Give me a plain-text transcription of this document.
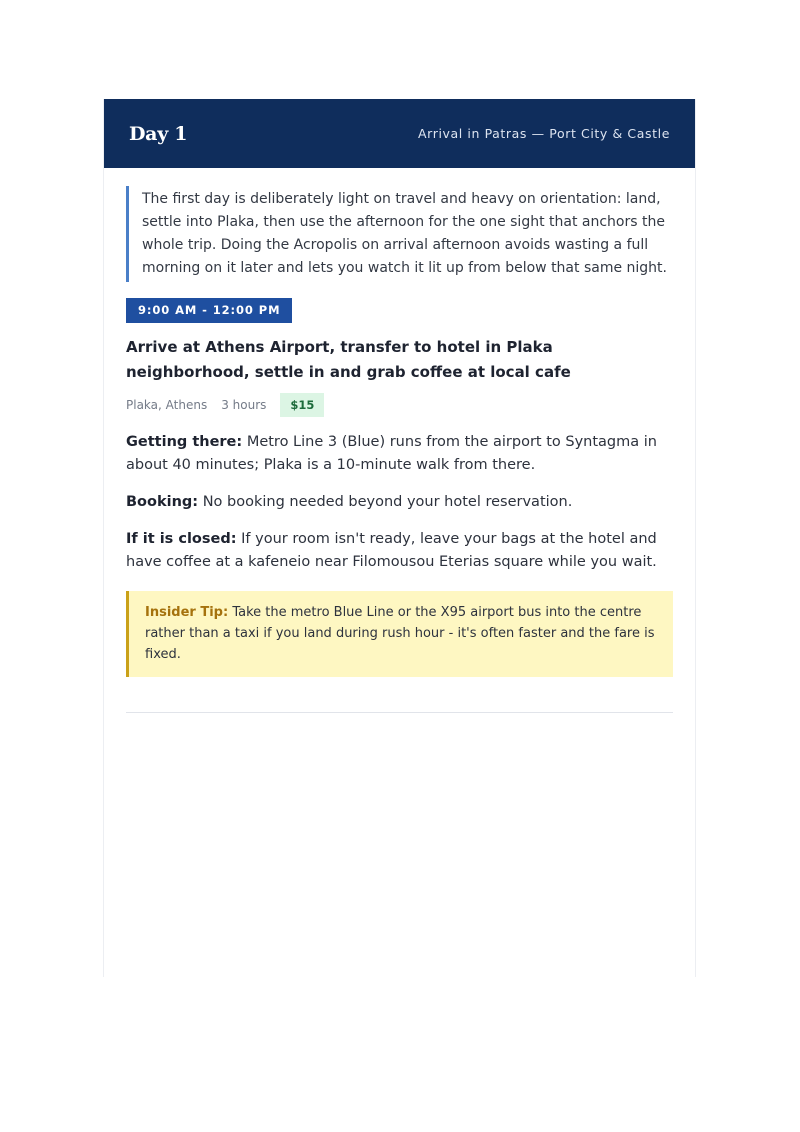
Day 1	Arrival in Patras — Port City & Castle
The first day is deliberately light on travel and heavy on orientation: land, settle into Plaka, then use the afternoon for the one sight that anchors the whole trip. Doing the Acropolis on arrival afternoon avoids wasting a full morning on it later and lets you watch it lit up from below that same night.
9:00 AM - 12:00 PM
Arrive at Athens Airport, transfer to hotel in Plaka neighborhood, settle in and grab coffee at local cafe
Plaka, Athens 3 hours	$15
Getting there: Metro Line 3 (Blue) runs from the airport to Syntagma in about 40 minutes; Plaka is a 10-minute walk from there.
Booking: No booking needed beyond your hotel reservation.
If it is closed: If your room isn't ready, leave your bags at the hotel and have coffee at a kafeneio near Filomousou Eterias square while you wait.
Insider Tip: Take the metro Blue Line or the X95 airport bus into the centre rather than a taxi if you land during rush hour - it's often faster and the fare is fixed.
